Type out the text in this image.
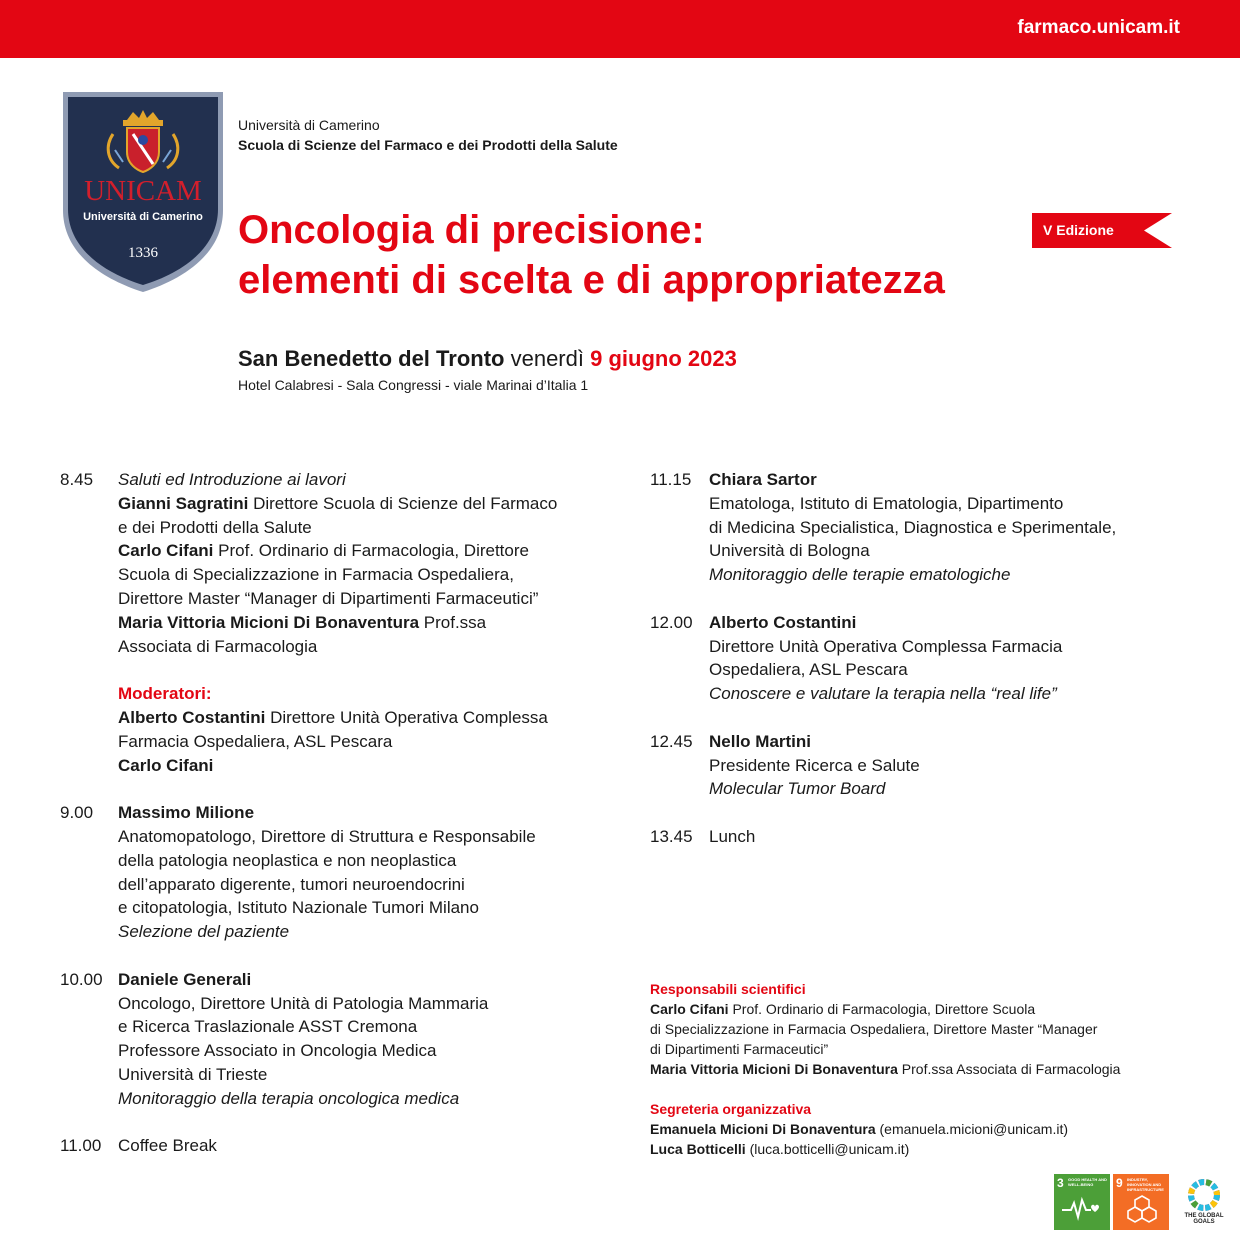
farmaco.unicam.it
UNICAM
Università di Camerino
1336
Università di Camerino
Scuola di Scienze del Farmaco e dei Prodotti della Salute
Oncologia di precisione:
elementi di scelta e di appropriatezza
V Edizione
San Benedetto del Tronto venerdì 9 giugno 2023
Hotel Calabresi - Sala Congressi - viale Marinai d’Italia 1
8.45 Saluti ed Introduzione ai lavori
Gianni Sagratini Direttore Scuola di Scienze del Farmaco
e dei Prodotti della Salute
Carlo Cifani Prof. Ordinario di Farmacologia, Direttore
Scuola di Specializzazione in Farmacia Ospedaliera,
Direttore Master “Manager di Dipartimenti Farmaceutici”
Maria Vittoria Micioni Di Bonaventura Prof.ssa
Associata di Farmacologia
Moderatori:
Alberto Costantini Direttore Unità Operativa Complessa
Farmacia Ospedaliera, ASL Pescara
Carlo Cifani
9.00 Massimo Milione
Anatomopatologo, Direttore di Struttura e Responsabile
della patologia neoplastica e non neoplastica
dell’apparato digerente, tumori neuroendocrini
e citopatologia, Istituto Nazionale Tumori Milano
Selezione del paziente
10.00 Daniele Generali
Oncologo, Direttore Unità di Patologia Mammaria
e Ricerca Traslazionale ASST Cremona
Professore Associato in Oncologia Medica
Università di Trieste
Monitoraggio della terapia oncologica medica
11.00 Coffee Break
11.15 Chiara Sartor
Ematologa, Istituto di Ematologia, Dipartimento
di Medicina Specialistica, Diagnostica e Sperimentale,
Università di Bologna
Monitoraggio delle terapie ematologiche
12.00 Alberto Costantini
Direttore Unità Operativa Complessa Farmacia
Ospedaliera, ASL Pescara
Conoscere e valutare la terapia nella “real life”
12.45 Nello Martini
Presidente Ricerca e Salute
Molecular Tumor Board
13.45 Lunch
Responsabili scientifici
Carlo Cifani Prof. Ordinario di Farmacologia, Direttore Scuola
di Specializzazione in Farmacia Ospedaliera, Direttore Master “Manager
di Dipartimenti Farmaceutici”
Maria Vittoria Micioni Di Bonaventura Prof.ssa Associata di Farmacologia
Segreteria organizzativa
Emanuela Micioni Di Bonaventura (emanuela.micioni@unicam.it)
Luca Botticelli (luca.botticelli@unicam.it)
3 GOOD HEALTH AND WELL-BEING	9 INDUSTRY, INNOVATION AND INFRASTRUCTURE
THE GLOBAL GOALS
